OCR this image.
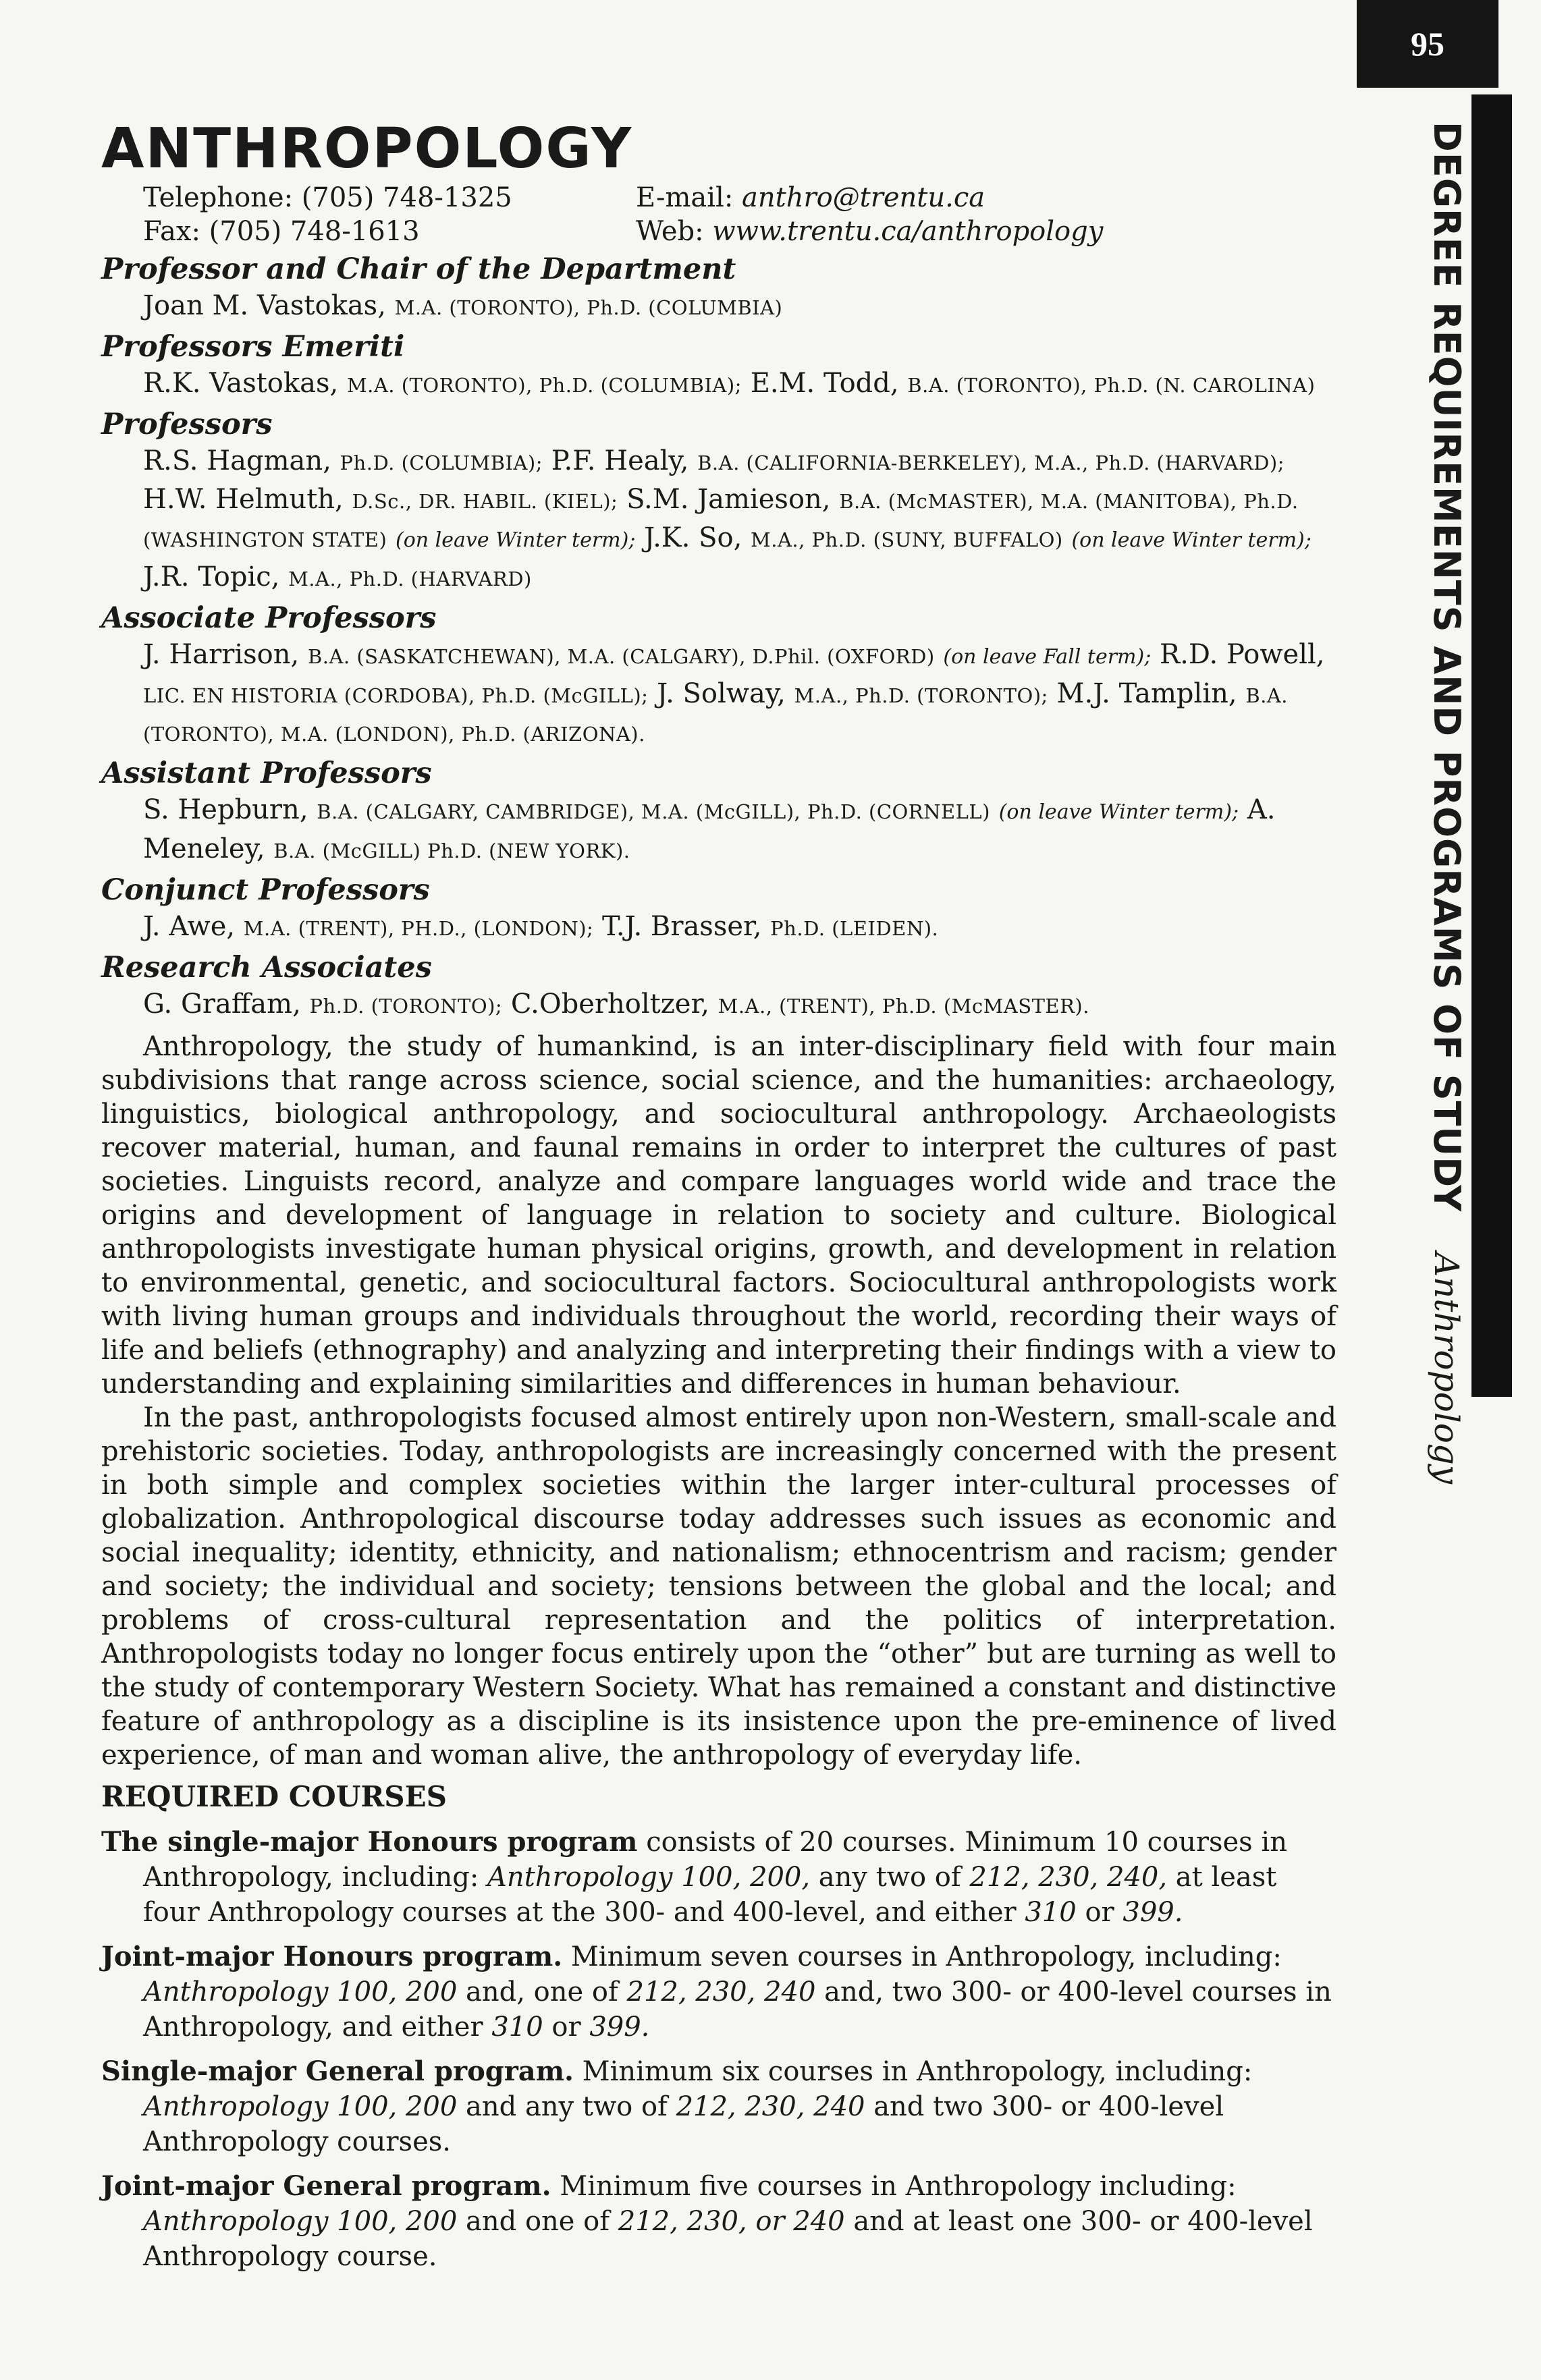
95
DEGREE REQUIREMENTS AND PROGRAMS OF STUDY Anthropology
ANTHROPOLOGY
Telephone: (705) 748-1325	E-mail: anthro@trentu.ca
Fax: (705) 748-1613	Web: www.trentu.ca/anthropology
Professor and Chair of the Department
Joan M. Vastokas, M.A. (TORONTO), Ph.D. (COLUMBIA)
Professors Emeriti
R.K. Vastokas, M.A. (TORONTO), Ph.D. (COLUMBIA); E.M. Todd, B.A. (TORONTO), Ph.D. (N. CAROLINA)
Professors
R.S. Hagman, Ph.D. (COLUMBIA); P.F. Healy, B.A. (CALIFORNIA-BERKELEY), M.A., Ph.D. (HARVARD); H.W. Helmuth, D.Sc., DR. HABIL. (KIEL); S.M. Jamieson, B.A. (McMASTER), M.A. (MANITOBA), Ph.D. (WASHINGTON STATE) (on leave Winter term); J.K. So, M.A., Ph.D. (SUNY, BUFFALO) (on leave Winter term); J.R. Topic, M.A., Ph.D. (HARVARD)
Associate Professors
J. Harrison, B.A. (SASKATCHEWAN), M.A. (CALGARY), D.Phil. (OXFORD) (on leave Fall term); R.D. Powell, LIC. EN HISTORIA (CORDOBA), Ph.D. (McGILL); J. Solway, M.A., Ph.D. (TORONTO); M.J. Tamplin, B.A. (TORONTO), M.A. (LONDON), Ph.D. (ARIZONA).
Assistant Professors
S. Hepburn, B.A. (CALGARY, CAMBRIDGE), M.A. (McGILL), Ph.D. (CORNELL) (on leave Winter term); A. Meneley, B.A. (McGILL) Ph.D. (NEW YORK).
Conjunct Professors
J. Awe, M.A. (TRENT), PH.D., (LONDON); T.J. Brasser, Ph.D. (LEIDEN).
Research Associates
G. Graffam, Ph.D. (TORONTO); C.Oberholtzer, M.A., (TRENT), Ph.D. (McMASTER).

Anthropology, the study of humankind, is an inter-disciplinary field with four main subdivisions that range across science, social science, and the humanities: archaeology, linguistics, biological anthropology, and sociocultural anthropology. Archaeologists recover material, human, and faunal remains in order to interpret the cultures of past societies. Linguists record, analyze and compare languages world wide and trace the origins and development of language in relation to society and culture. Biological anthropologists investigate human physical origins, growth, and development in relation to environmental, genetic, and sociocultural factors. Sociocultural anthropologists work with living human groups and individuals throughout the world, recording their ways of life and beliefs (ethnography) and analyzing and interpreting their findings with a view to understanding and explaining similarities and differences in human behaviour.

In the past, anthropologists focused almost entirely upon non-Western, small-scale and prehistoric societies. Today, anthropologists are increasingly concerned with the present in both simple and complex societies within the larger inter-cultural processes of globalization. Anthropological discourse today addresses such issues as economic and social inequality; identity, ethnicity, and nationalism; ethnocentrism and racism; gender and society; the individual and society; tensions between the global and the local; and problems of cross-cultural representation and the politics of interpretation. Anthropologists today no longer focus entirely upon the “other” but are turning as well to the study of contemporary Western Society. What has remained a constant and distinctive feature of anthropology as a discipline is its insistence upon the pre-eminence of lived experience, of man and woman alive, the anthropology of everyday life.

REQUIRED COURSES
The single-major Honours program consists of 20 courses. Minimum 10 courses in Anthropology, including: Anthropology 100, 200, any two of 212, 230, 240, at least four Anthropology courses at the 300- and 400-level, and either 310 or 399.
Joint-major Honours program. Minimum seven courses in Anthropology, including: Anthropology 100, 200 and, one of 212, 230, 240 and, two 300- or 400-level courses in Anthropology, and either 310 or 399.
Single-major General program. Minimum six courses in Anthropology, including: Anthropology 100, 200 and any two of 212, 230, 240 and two 300- or 400-level Anthropology courses.
Joint-major General program. Minimum five courses in Anthropology including: Anthropology 100, 200 and one of 212, 230, or 240 and at least one 300- or 400-level Anthropology course.
